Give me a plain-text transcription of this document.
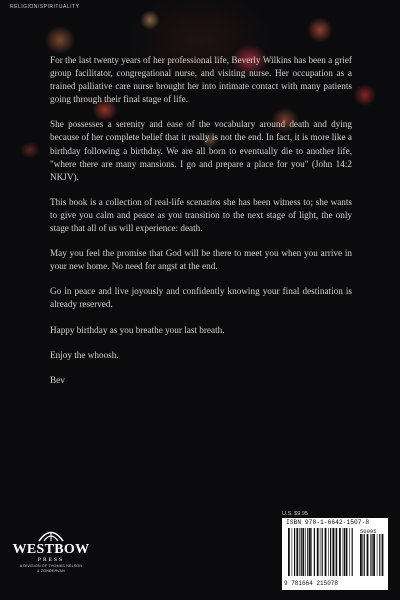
RELIGION/SPIRITUALITY

For the last twenty years of her professional life, Beverly Wilkins has been a grief group facilitator, congregational nurse, and visiting nurse. Her occupation as a trained palliative care nurse brought her into intimate contact with many patients going through their final stage of life.

She possesses a serenity and ease of the vocabulary around death and dying because of her complete belief that it really is not the end. In fact, it is more like a birthday following a birthday. We are all born to eventually die to another life, "where there are many mansions. I go and prepare a place for you" (John 14:2 NKJV).

This book is a collection of real-life scenarios she has been witness to; she wants to give you calm and peace as you transition to the next stage of light, the only stage that all of us will experience: death.

May you feel the promise that God will be there to meet you when you arrive in your new home. No need for angst at the end.

Go in peace and live joyously and confidently knowing your final destination is already reserved.

Happy birthday as you breathe your last breath.

Enjoy the whoosh.

Bev

WESTBOW
PRESS
A DIVISION OF THOMAS NELSON
& ZONDERVAN
U.S. $9.95
ISBN 978-1-6642-1507-8
50995
9 781664 215078
